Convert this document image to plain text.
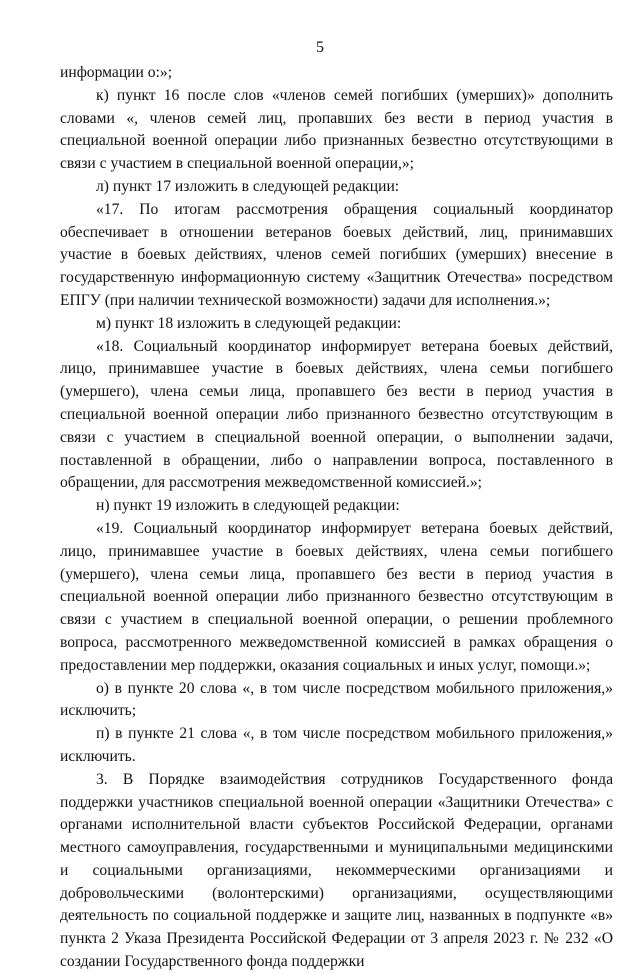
5

информации о:»;

к) пункт 16 после слов «членов семей погибших (умерших)» дополнить словами «, членов семей лиц, пропавших без вести в период участия в специальной военной операции либо признанных безвестно отсутствующими в связи с участием в специальной военной операции,»;

л) пункт 17 изложить в следующей редакции:

«17. По итогам рассмотрения обращения социальный координатор обеспечивает в отношении ветеранов боевых действий, лиц, принимавших участие в боевых действиях, членов семей погибших (умерших) внесение в государственную информационную систему «Защитник Отечества» посредством ЕПГУ (при наличии технической возможности) задачи для исполнения.»;

м) пункт 18 изложить в следующей редакции:

«18. Социальный координатор информирует ветерана боевых действий, лицо, принимавшее участие в боевых действиях, члена семьи погибшего (умершего), члена семьи лица, пропавшего без вести в период участия в специальной военной операции либо признанного безвестно отсутствующим в связи с участием в специальной военной операции, о выполнении задачи, поставленной в обращении, либо о направлении вопроса, поставленного в обращении, для рассмотрения межведомственной комиссией.»;

н) пункт 19 изложить в следующей редакции:

«19. Социальный координатор информирует ветерана боевых действий, лицо, принимавшее участие в боевых действиях, члена семьи погибшего (умершего), члена семьи лица, пропавшего без вести в период участия в специальной военной операции либо признанного безвестно отсутствующим в связи с участием в специальной военной операции, о решении проблемного вопроса, рассмотренного межведомственной комиссией в рамках обращения о предоставлении мер поддержки, оказания социальных и иных услуг, помощи.»;

о) в пункте 20 слова «, в том числе посредством мобильного приложения,» исключить;

п) в пункте 21 слова «, в том числе посредством мобильного приложения,» исключить.

3. В Порядке взаимодействия сотрудников Государственного фонда поддержки участников специальной военной операции «Защитники Отечества» с органами исполнительной власти субъектов Российской Федерации, органами местного самоуправления, государственными и муниципальными медицинскими и социальными организациями, некоммерческими организациями и добровольческими (волонтерскими) организациями, осуществляющими деятельность по социальной поддержке и защите лиц, названных в подпункте «в» пункта 2 Указа Президента Российской Федерации от 3 апреля 2023 г. № 232 «О создании Государственного фонда поддержки
